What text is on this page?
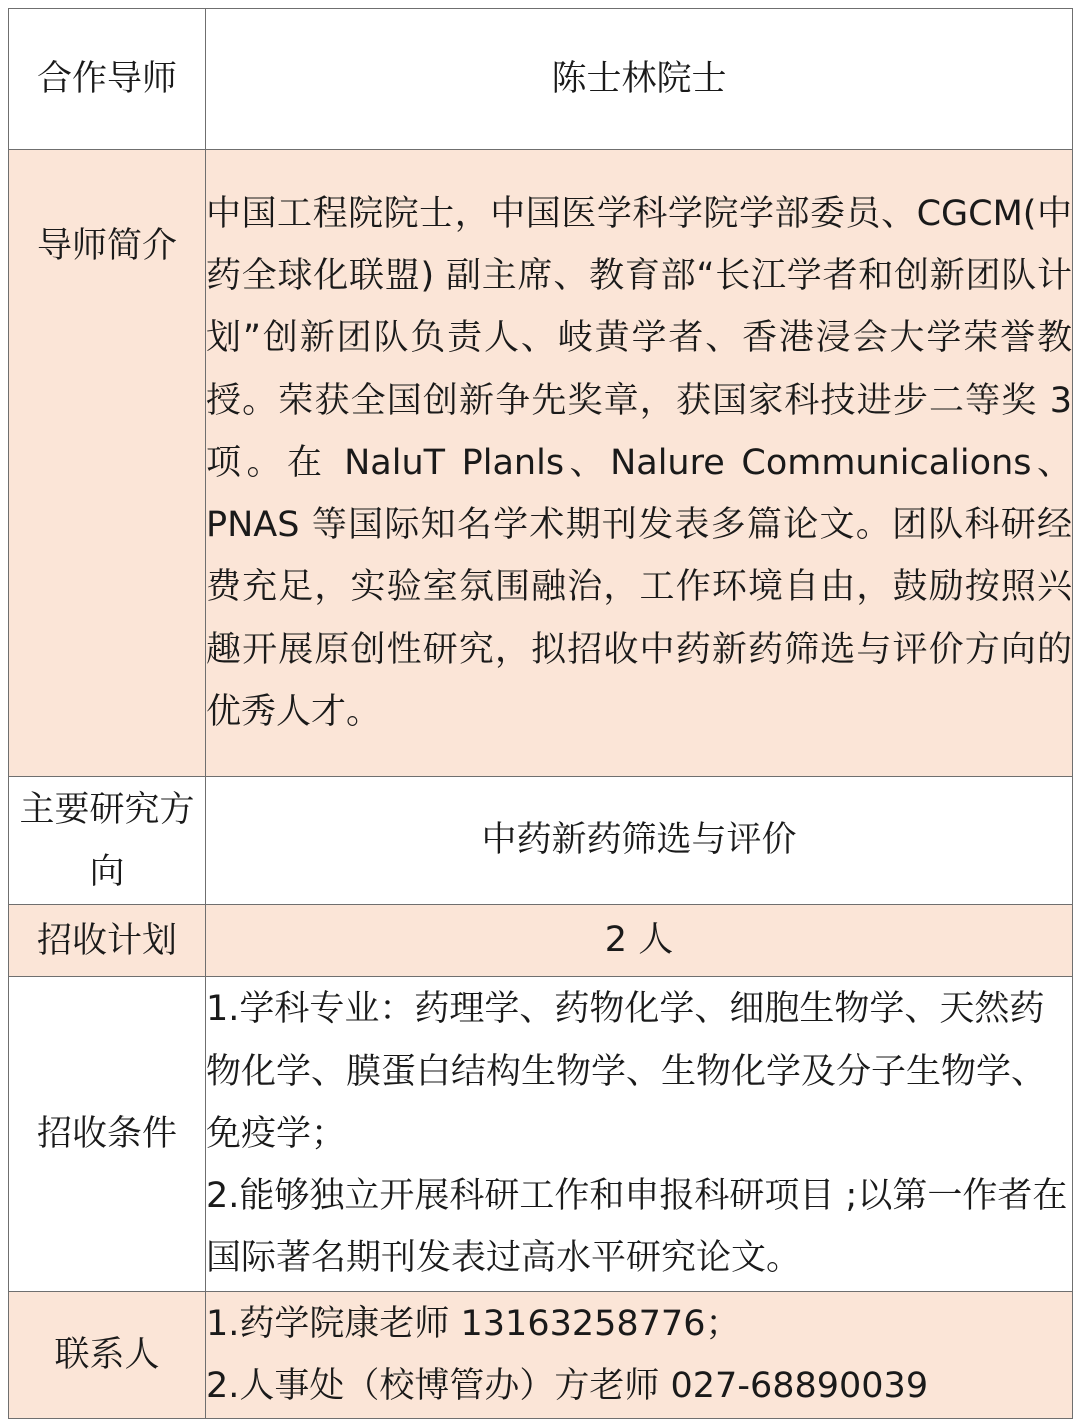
合作导师	陈士林院士
导师简介	中国工程院院士，中国医学科学院学部委员、CGCM(中药全球化联盟) 副主席、教育部“长江学者和创新团队计划”创新团队负责人、岐黄学者、香港浸会大学荣誉教授。荣获全国创新争先奖章，获国家科技进步二等奖 3 项。在 NaluT Planls、Nalure Communicalions、 PNAS 等国际知名学术期刊发表多篇论文。团队科研经费充足，实验室氛围融治，工作环境自由，鼓励按照兴趣开展原创性研究，拟招收中药新药筛选与评价方向的优秀人才。
主要研究方向	中药新药筛选与评价
招收计划	2 人
招收条件	1.学科专业：药理学、药物化学、细胞生物学、天然药物化学、膜蛋白结构生物学、生物化学及分子生物学、免疫学；

2.能够独立开展科研工作和申报科研项目 ;以第一作者在国际著名期刊发表过高水平研究论文。

联系人	1.药学院康老师 13163258776；

2.人事处（校博管办）方老师 027-68890039
